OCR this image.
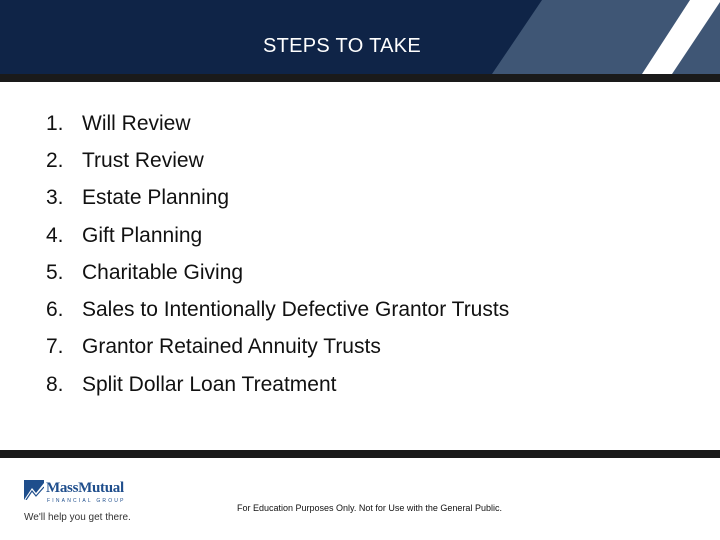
STEPS TO TAKE
1. Will Review
2. Trust Review
3. Estate Planning
4. Gift Planning
5. Charitable Giving
6. Sales to Intentionally Defective Grantor Trusts
7. Grantor Retained Annuity Trusts
8. Split Dollar Loan Treatment
MassMutual
FINANCIAL GROUP
We'll help you get there.
For Education Purposes Only. Not for Use with the General Public.
